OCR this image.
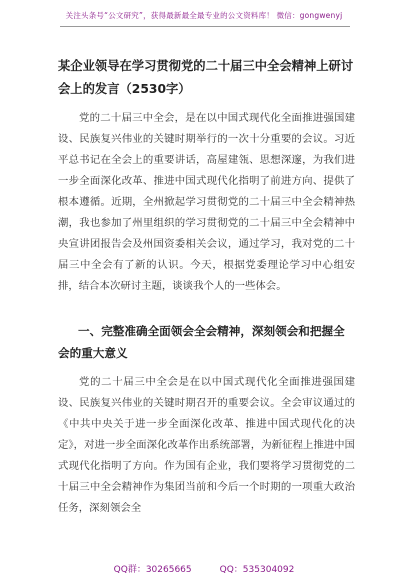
关注头条号“公文研究”，获得最新最全最专业的公文资料库！ 微信：gongwenyj
某企业领导在学习贯彻党的二十届三中全会精神上研讨会上的发言（2530字）

党的二十届三中全会，是在以中国式现代化全面推进强国建设、民族复兴伟业的关键时期举行的一次十分重要的会议。习近平总书记在全会上的重要讲话，高屋建瓴、思想深邃，为我们进一步全面深化改革、推进中国式现代化指明了前进方向、提供了根本遵循。近期，全州掀起学习贯彻党的二十届三中全会精神热潮，我也参加了州里组织的学习贯彻党的二十届三中全会精神中央宣讲团报告会及州国资委相关会议，通过学习，我对党的二十届三中全会有了新的认识。今天，根据党委理论学习中心组安排，结合本次研讨主题，谈谈我个人的一些体会。

一、完整准确全面领会全会精神，深刻领会和把握全会的重大意义

党的二十届三中全会是在以中国式现代化全面推进强国建设、民族复兴伟业的关键时期召开的重要会议。全会审议通过的《中共中央关于进一步全面深化改革、推进中国式现代化的决定》，对进一步全面深化改革作出系统部署，为新征程上推进中国式现代化指明了方向。作为国有企业，我们要将学习贯彻党的二十届三中全会精神作为集团当前和今后一个时期的一项重大政治任务，深刻领会全

QQ群：30265665	QQ：535304092
